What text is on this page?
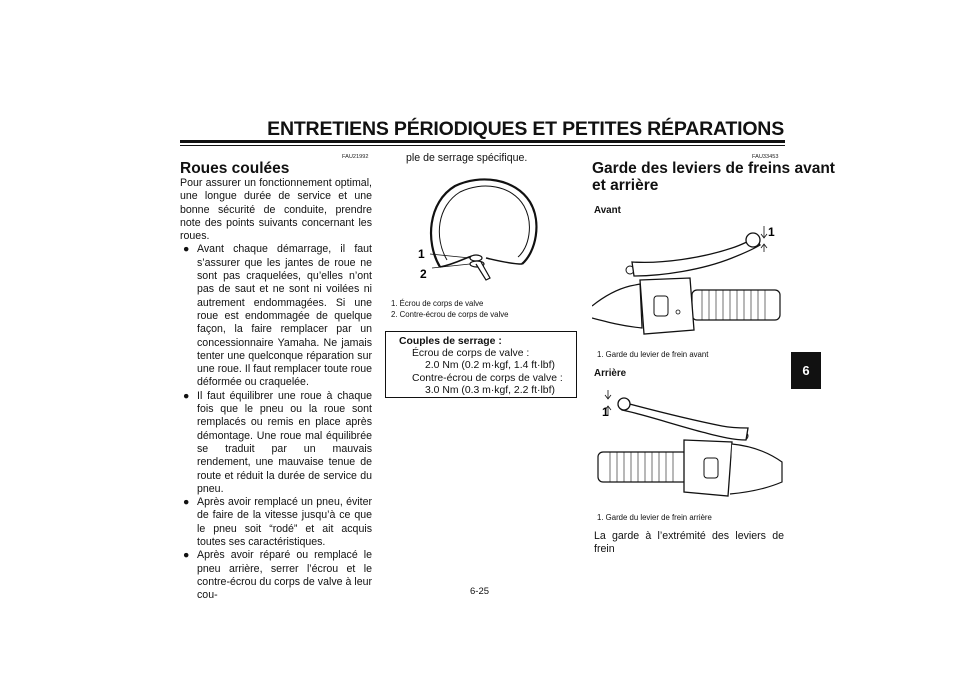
ENTRETIENS PÉRIODIQUES ET PETITES RÉPARATIONS
FAU21992
Roues coulées

Pour assurer un fonctionnement optimal, une longue durée de service et une bonne sécurité de conduite, prendre note des points suivants concernant les roues.

● Avant chaque démarrage, il faut s’assurer que les jantes de roue ne sont pas craquelées, qu’elles n’ont pas de saut et ne sont ni voilées ni autrement endommagées. Si une roue est endommagée de quelque façon, la faire remplacer par un concessionnaire Yamaha. Ne jamais tenter une quelconque réparation sur une roue. Il faut remplacer toute roue déformée ou craquelée.
● Il faut équilibrer une roue à chaque fois que le pneu ou la roue sont remplacés ou remis en place après démontage. Une roue mal équilibrée se traduit par un mauvais rendement, une mauvaise tenue de route et réduit la durée de service du pneu.
● Après avoir remplacé un pneu, éviter de faire de la vitesse jusqu’à ce que le pneu soit “rodé” et ait acquis toutes ses caractéristiques.
● Après avoir réparé ou remplacé le pneu arrière, serrer l’écrou et le contre-écrou du corps de valve à leur cou-
ple de serrage spécifique.
1
2
1. Écrou de corps de valve
2. Contre-écrou de corps de valve
Couples de serrage :
Écrou de corps de valve :
2.0 Nm (0.2 m·kgf, 1.4 ft·lbf)
Contre-écrou de corps de valve :
3.0 Nm (0.3 m·kgf, 2.2 ft·lbf)
FAU33453
Garde des leviers de freins avant
et arrière
Avant
1
1. Garde du levier de frein avant
Arrière
1
1. Garde du levier de frein arrière
La garde à l’extrémité des leviers de frein
6-25
6
